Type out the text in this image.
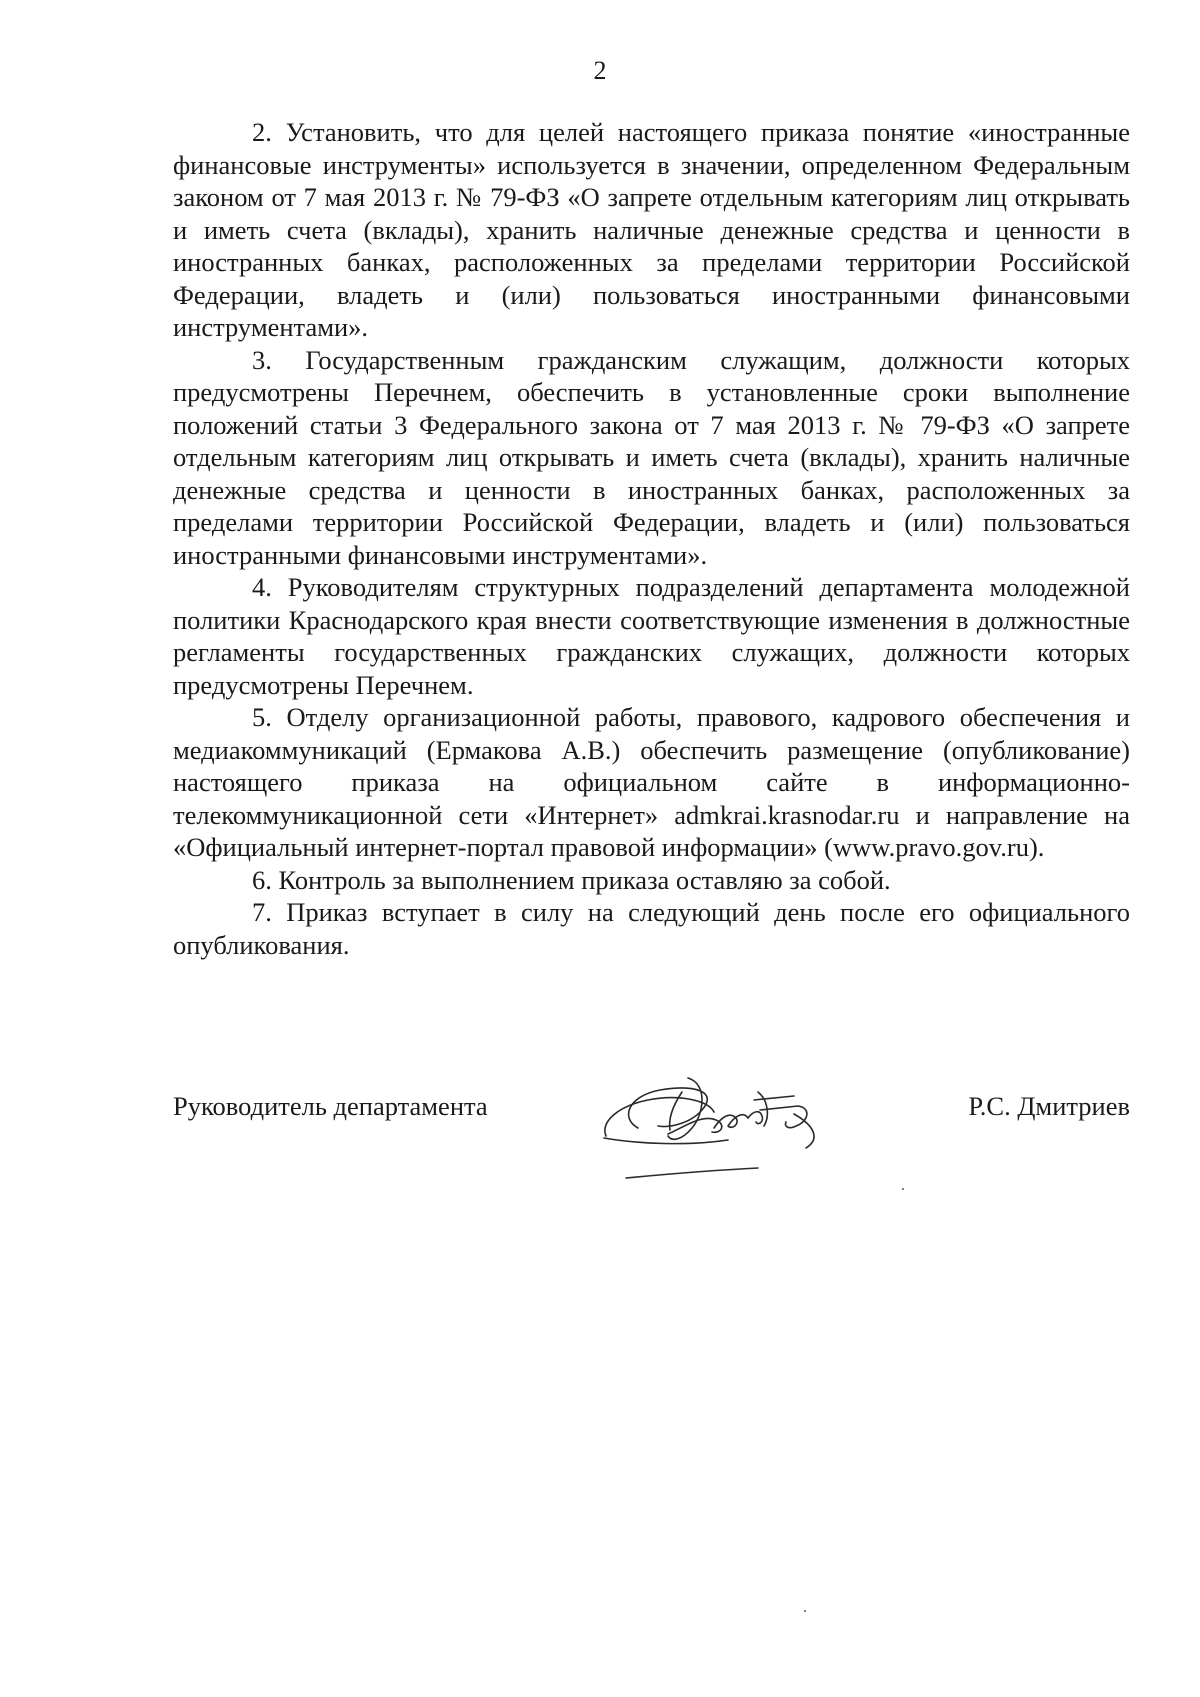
2

2. Установить, что для целей настоящего приказа понятие «иностранные финансовые инструменты» используется в значении, определенном Федеральным законом от 7 мая 2013 г. № 79-ФЗ «О запрете отдельным категориям лиц открывать и иметь счета (вклады), хранить наличные денежные средства и ценности в иностранных банках, расположенных за пределами территории Российской Федерации, владеть и (или) пользоваться иностранными финансовыми инструментами».

3. Государственным гражданским служащим, должности которых предусмотрены Перечнем, обеспечить в установленные сроки выполнение положений статьи 3 Федерального закона от 7 мая 2013 г. № 79-ФЗ «О запрете отдельным категориям лиц открывать и иметь счета (вклады), хранить наличные денежные средства и ценности в иностранных банках, расположенных за пределами территории Российской Федерации, владеть и (или) пользоваться иностранными финансовыми инструментами».

4. Руководителям структурных подразделений департамента молодежной политики Краснодарского края внести соответствующие изменения в должностные регламенты государственных гражданских служащих, должности которых предусмотрены Перечнем.

5. Отделу организационной работы, правового, кадрового обеспечения и медиакоммуникаций (Ермакова А.В.) обеспечить размещение (опубликование) настоящего приказа на официальном сайте в информационно-телекоммуникационной сети «Интернет» admkrai.krasnodar.ru и направление на «Официальный интернет-портал правовой информации» (www.pravo.gov.ru).

6. Контроль за выполнением приказа оставляю за собой.

7. Приказ вступает в силу на следующий день после его официального опубликования.

Руководитель департамента	Р.С. Дмитриев
